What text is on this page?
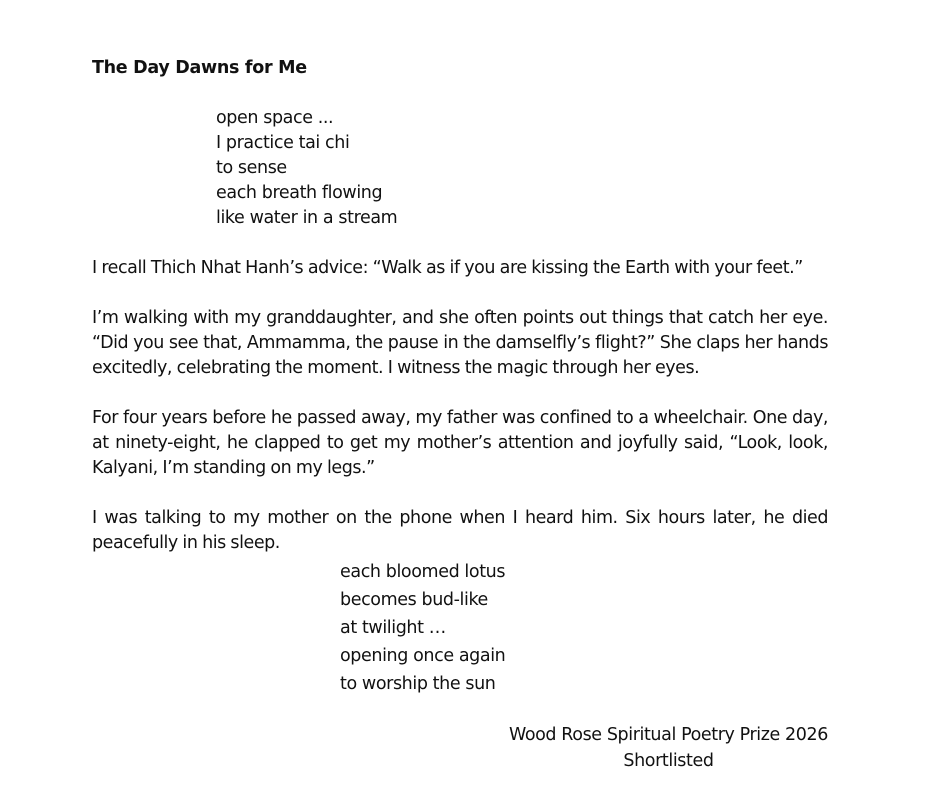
The Day Dawns for Me
open space ...
I practice tai chi
to sense
each breath flowing
like water in a stream

I recall Thich Nhat Hanh’s advice: “Walk as if you are kissing the Earth with your feet.”

I’m walking with my granddaughter, and she often points out things that catch her eye. “Did you see that, Ammamma, the pause in the damselfly’s flight?” She claps her hands excitedly, celebrating the moment. I witness the magic through her eyes.

For four years before he passed away, my father was confined to a wheelchair. One day, at ninety-eight, he clapped to get my mother’s attention and joyfully said, “Look, look, Kalyani, I’m standing on my legs.”

I was talking to my mother on the phone when I heard him. Six hours later, he died peacefully in his sleep.

each bloomed lotus
becomes bud-like
at twilight …
opening once again
to worship the sun
Wood Rose Spiritual Poetry Prize 2026
Shortlisted
